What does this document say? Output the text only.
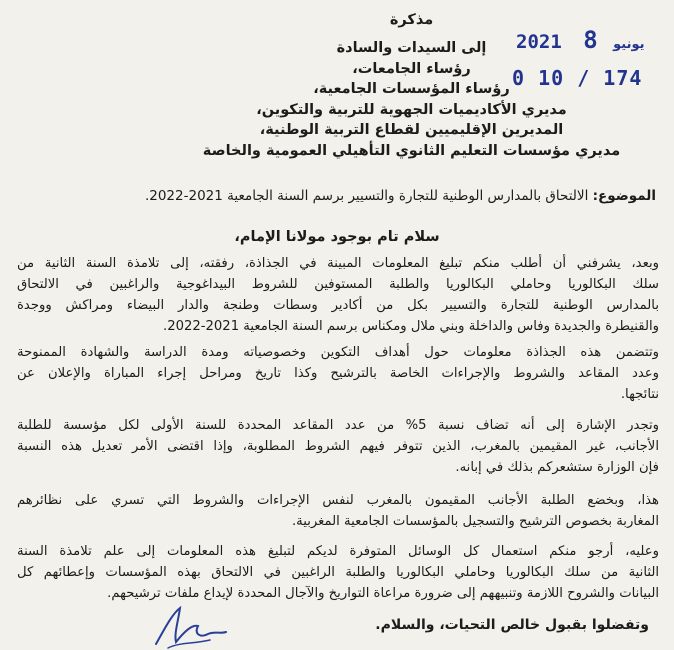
2021	يونيو 8
0 10 / 174
مذكرة
إلى السيدات والسادة
رؤساء الجامعات،
رؤساء المؤسسات الجامعية،
مديري الأكاديميات الجهوية للتربية والتكوين،
المديرين الإقليميين لقطاع التربية الوطنية،
مديري مؤسسات التعليم الثانوي التأهيلي العمومية والخاصة
الموضوع: الالتحاق بالمدارس الوطنية للتجارة والتسيير برسم السنة الجامعية 2021-2022.
سلام تام بوجود مولانا الإمام،
وبعد، يشرفني أن أطلب منكم تبليغ المعلومات المبينة في الجذاذة، رفقته، إلى تلامذة السنة الثانية من
سلك البكالوريا وحاملي البكالوريا والطلبة المستوفين للشروط البيداغوجية والراغبين في الالتحاق
بالمدارس الوطنية للتجارة والتسيير بكل من أكادير وسطات وطنجة والدار البيضاء ومراكش ووجدة
والقنيطرة والجديدة وفاس والداخلة وبني ملال ومكناس برسم السنة الجامعية 2021-2022.
وتتضمن هذه الجذاذة معلومات حول أهداف التكوين وخصوصياته ومدة الدراسة والشهادة الممنوحة
وعدد المقاعد والشروط والإجراءات الخاصة بالترشيح وكذا تاريخ ومراحل إجراء المباراة والإعلان عن
نتائجها.
وتجدر الإشارة إلى أنه تضاف نسبة 5% من عدد المقاعد المحددة للسنة الأولى لكل مؤسسة للطلبة
الأجانب، غير المقيمين بالمغرب، الذين تتوفر فيهم الشروط المطلوبة، وإذا اقتضى الأمر تعديل هذه النسبة
فإن الوزارة ستشعركم بذلك في إبانه.
هذا، وبخضع الطلبة الأجانب المقيمون بالمغرب لنفس الإجراءات والشروط التي تسري على نظائرهم
المغاربة بخصوص الترشيح والتسجيل بالمؤسسات الجامعية المغربية.
وعليه، أرجو منكم استعمال كل الوسائل المتوفرة لديكم لتبليغ هذه المعلومات إلى علم تلامذة السنة
الثانية من سلك البكالوريا وحاملي البكالوريا والطلبة الراغبين في الالتحاق بهذه المؤسسات وإعطائهم كل
البيانات والشروح اللازمة وتنبيههم إلى ضرورة مراعاة التواريخ والآجال المحددة لإيداع ملفات ترشيحهم.
وتفضلوا بقبول خالص التحيات، والسلام.
